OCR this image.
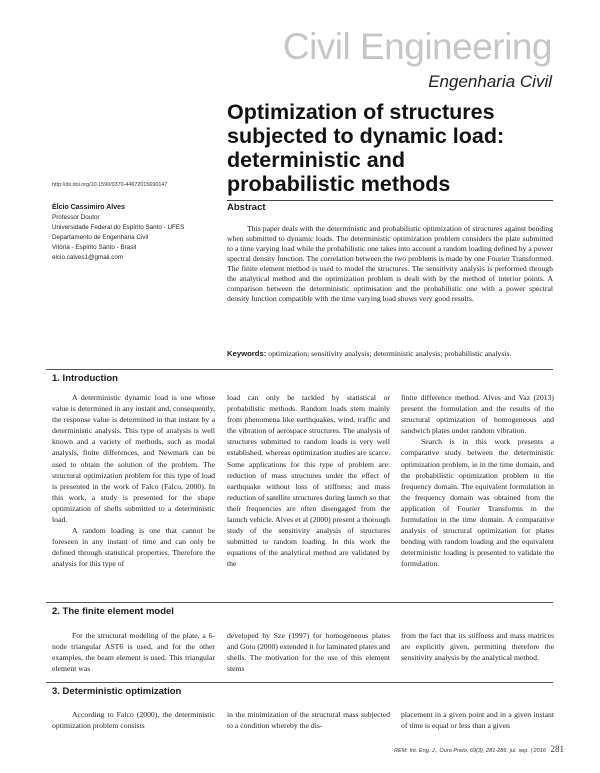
Civil Engineering
Engenharia Civil
Optimization of structures
subjected to dynamic load:
deterministic and
probabilistic methods
http://dx.doi.org/10.1590/0370-44672015690147
Élcio Cassimiro Alves
Professor Doutor
Universidade Federal do Espírito Santo - UFES
Departamento de Engenharia Civil
Vitória - Espírito Santo - Brasil
elcio.calves1@gmail.com
Abstract

This paper deals with the deterministic and probabilistic optimization of structures against bending when submitted to dynamic loads. The deterministic optimization problem considers the plate submitted to a time varying load while the probabilistic one takes into account a random loading defined by a power spectral density function. The correlation between the two problems is made by one Fourier Transformed. The finite element method is used to model the structures. The sensitivity analysis is performed through the analytical method and the optimization problem is dealt with by the method of interior points. A comparison between the deterministic optimisation and the probabilistic one with a power spectral density function compatible with the time varying load shows very good results.

Keywords: optimization; sensitivity analysis; deterministic analysis; probabilistic analysis.
1. Introduction

A deterministic dynamic load is one whose value is determined in any instant and, consequently, the response value is determined in that instant by a deterministic analysis. This type of analysis is well known and a variety of methods, such as modal analysis, finite differences, and Newmark can be used to obtain the solution of the problem. The structural optimization problem for this type of load is presented in the work of Falco (Falco, 2000). In this work, a study is presented for the shape optimization of shells submitted to a deterministic load.

A random loading is one that cannot be foreseen in any instant of time and can only be defined through statistical properties. Therefore the analysis for this type of

load can only be tackled by statistical or probabilistic methods. Random loads stem mainly from phenomena like earthquakes, wind, traffic and the vibration of aerospace structures. The analysis of structures submitted to random loads is very well established, whereas optimization studies are scarce. Some applications for this type of problem are: reduction of mass structures under the effect of earthquake without loss of stiffness; and mass reduction of satellite structures during launch so that their frequencies are often disengaged from the launch vehicle. Alves et al (2000) present a thorough study of the sensitivity analysis of structures submitted to random loading. In this work the equations of the analytical method are validated by the

finite difference method. Alves and Vaz (2013) present the formulation and the results of the structural optimization of homogeneous and sandwich plates under random vibration.

Search is in this work presents a comparative study between the deterministic optimization problem, ie in the time domain, and the probabilistic optimization problem in the frequency domain. The equivalent formulation in the frequency domain was obtained from the application of Fourier Transforms in the formulation in the time domain. A comparative analysis of structural optimization for plates bending with random loading and the equivalent deterministic loading is presented to validate the formulation.

2. The finite element model

For the structural modeling of the plate, a 6-node triangular AST6 is used, and for the other examples, the beam element is used. This triangular element was

developed by Sze (1997) for homogeneous plates and Goto (2000) extended it for laminated plates and shells. The motivation for the use of this element stems

from the fact that its stiffness and mass matrices are explicitly given, permitting therefore the sensitivity analysis by the analytical method.

3. Deterministic optimization

According to Falco (2000), the deterministic optimization problem consists

in the minimization of the structural mass subjected to a condition whereby the dis-

placement in a given point and in a given instant of time is equal or less than a given

REM: Int. Eng. J., Ouro Preto, 69(3), 281-286, jul. sep. | 2016 281
